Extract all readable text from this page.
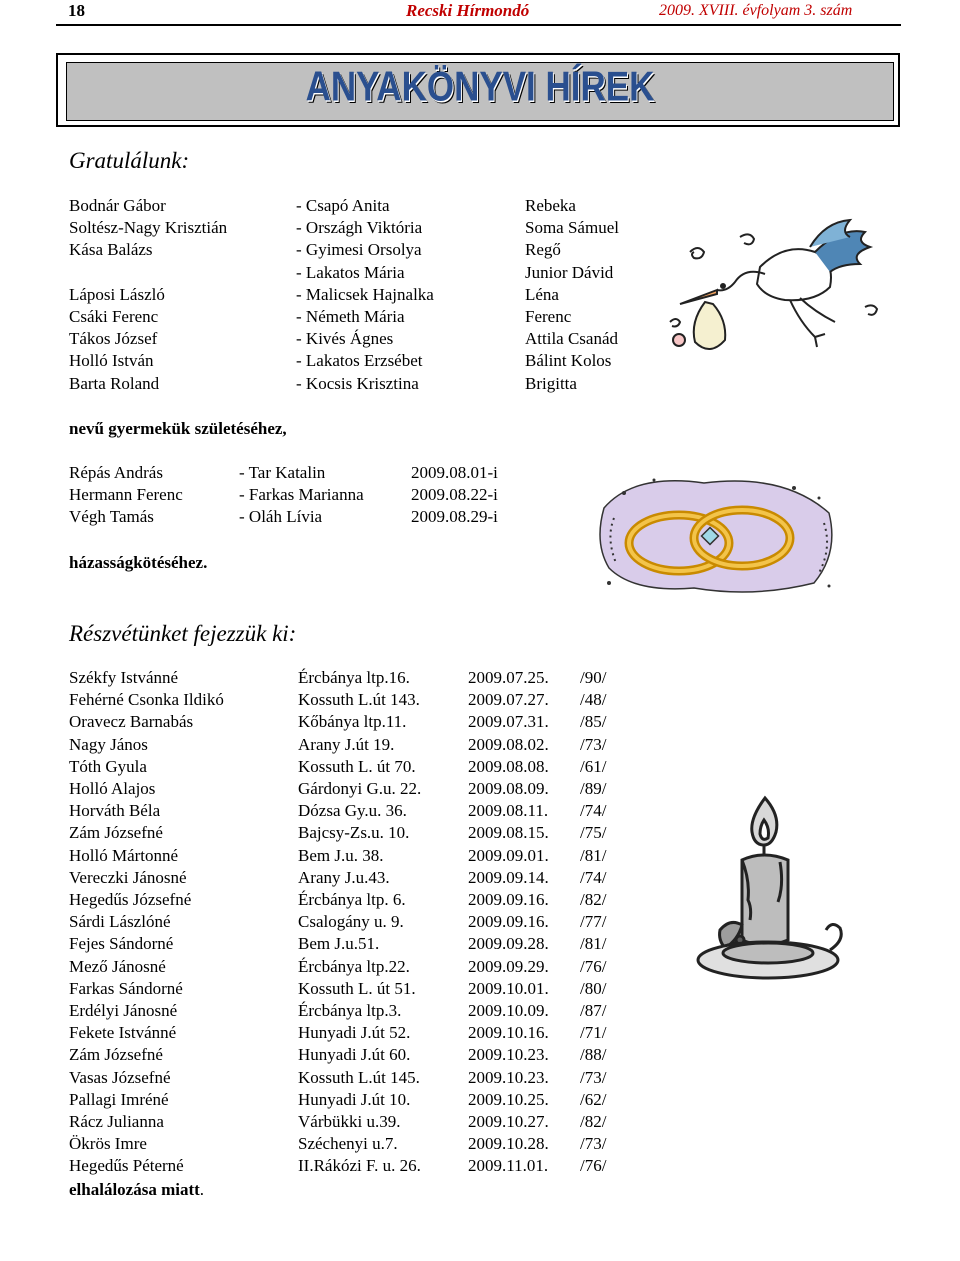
18	Recski Hírmondó	2009. XVIII. évfolyam 3. szám
ANYAKÖNYVI HÍREK
Gratulálunk:
Bodnár Gábor	- Csapó Anita	Rebeka
Soltész-Nagy Krisztián	- Országh Viktória	Soma Sámuel
Kása Balázs	- Gyimesi Orsolya	Regő
	- Lakatos Mária	Junior Dávid
Láposi László	- Malicsek Hajnalka	Léna
Csáki Ferenc	- Németh Mária	Ferenc
Tákos József	- Kivés Ágnes	Attila Csanád
Holló István	- Lakatos Erzsébet	Bálint Kolos
Barta Roland	- Kocsis Krisztina	Brigitta
nevű gyermekük születéséhez,
Répás András	- Tar Katalin	2009.08.01-i
Hermann Ferenc	- Farkas Marianna	2009.08.22-i
Végh Tamás	- Oláh Lívia	2009.08.29-i
házasságkötéséhez.
Részvétünket fejezzük ki:
Székfy Istvánné	Ércbánya ltp.16.	2009.07.25.	/90/
Fehérné Csonka Ildikó	Kossuth L.út 143.	2009.07.27.	/48/
Oravecz Barnabás	Kőbánya ltp.11.	2009.07.31.	/85/
Nagy János	Arany J.út 19.	2009.08.02.	/73/
Tóth Gyula	Kossuth L. út 70.	2009.08.08.	/61/
Holló Alajos	Gárdonyi G.u. 22.	2009.08.09.	/89/
Horváth Béla	Dózsa Gy.u. 36.	2009.08.11.	/74/
Zám Józsefné	Bajcsy-Zs.u. 10.	2009.08.15.	/75/
Holló Mártonné	Bem J.u. 38.	2009.09.01.	/81/
Vereczki Jánosné	Arany J.u.43.	2009.09.14.	/74/
Hegedűs Józsefné	Ércbánya ltp. 6.	2009.09.16.	/82/
Sárdi Lászlóné	Csalogány u. 9.	2009.09.16.	/77/
Fejes Sándorné	Bem J.u.51.	2009.09.28.	/81/
Mező Jánosné	Ércbánya ltp.22.	2009.09.29.	/76/
Farkas Sándorné	Kossuth L. út 51.	2009.10.01.	/80/
Erdélyi Jánosné	Ércbánya ltp.3.	2009.10.09.	/87/
Fekete Istvánné	Hunyadi J.út 52.	2009.10.16.	/71/
Zám Józsefné	Hunyadi J.út 60.	2009.10.23.	/88/
Vasas Józsefné	Kossuth L.út 145.	2009.10.23.	/73/
Pallagi Imréné	Hunyadi J.út 10.	2009.10.25.	/62/
Rácz Julianna	Várbükki u.39.	2009.10.27.	/82/
Ökrös Imre	Széchenyi u.7.	2009.10.28.	/73/
Hegedűs Péterné	II.Rákózi F. u. 26.	2009.11.01.	/76/
elhalálozása miatt.
